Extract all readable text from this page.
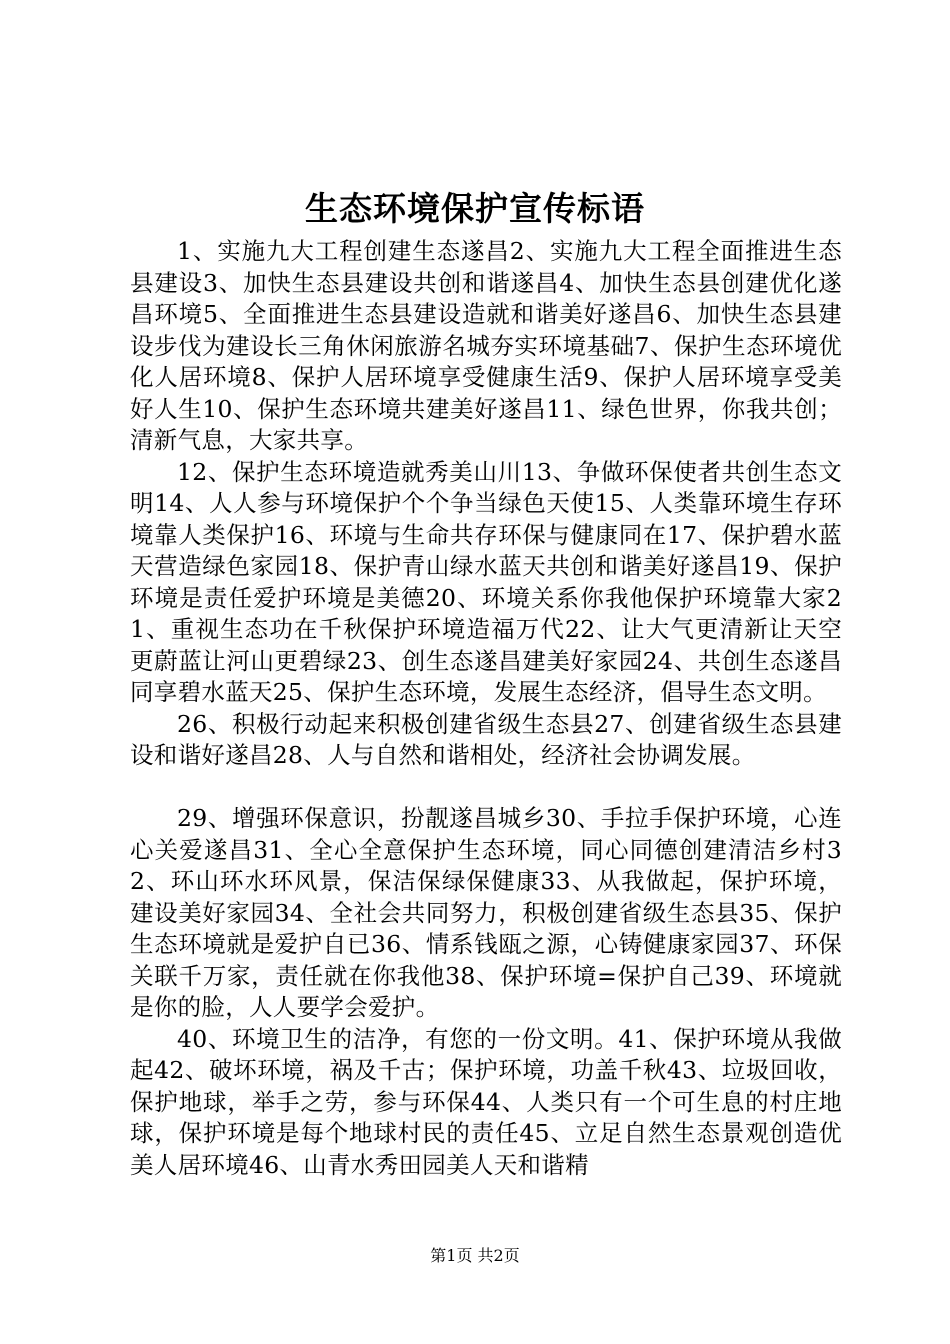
生态环境保护宣传标语

1、实施九大工程创建生态遂昌2、实施九大工程全面推进生态县建设3、加快生态县建设共创和谐遂昌4、加快生态县创建优化遂昌环境5、全面推进生态县建设造就和谐美好遂昌6、加快生态县建设步伐为建设长三角休闲旅游名城夯实环境基础7、保护生态环境优化人居环境8、保护人居环境享受健康生活9、保护人居环境享受美好人生10、保护生态环境共建美好遂昌11、绿色世界，你我共创；清新气息，大家共享。

12、保护生态环境造就秀美山川13、争做环保使者共创生态文明14、人人参与环境保护个个争当绿色天使15、人类靠环境生存环境靠人类保护16、环境与生命共存环保与健康同在17、保护碧水蓝天营造绿色家园18、保护青山绿水蓝天共创和谐美好遂昌19、保护环境是责任爱护环境是美德20、环境关系你我他保护环境靠大家21、重视生态功在千秋保护环境造福万代22、让大气更清新让天空更蔚蓝让河山更碧绿23、创生态遂昌建美好家园24、共创生态遂昌同享碧水蓝天25、保护生态环境，发展生态经济，倡导生态文明。

26、积极行动起来积极创建省级生态县27、创建省级生态县建设和谐好遂昌28、人与自然和谐相处，经济社会协调发展。

29、增强环保意识，扮靓遂昌城乡30、手拉手保护环境，心连心关爱遂昌31、全心全意保护生态环境，同心同德创建清洁乡村32、环山环水环风景，保洁保绿保健康33、从我做起，保护环境，建设美好家园34、全社会共同努力，积极创建省级生态县35、保护生态环境就是爱护自已36、情系钱瓯之源，心铸健康家园37、环保关联千万家，责任就在你我他38、保护环境=保护自己39、环境就是你的脸，人人要学会爱护。

40、环境卫生的洁净，有您的一份文明。41、保护环境从我做起42、破坏环境，祸及千古；保护环境，功盖千秋43、垃圾回收，保护地球，举手之劳，参与环保44、人类只有一个可生息的村庄地球，保护环境是每个地球村民的责任45、立足自然生态景观创造优美人居环境46、山青水秀田园美人天和谐精

第1页 共2页
